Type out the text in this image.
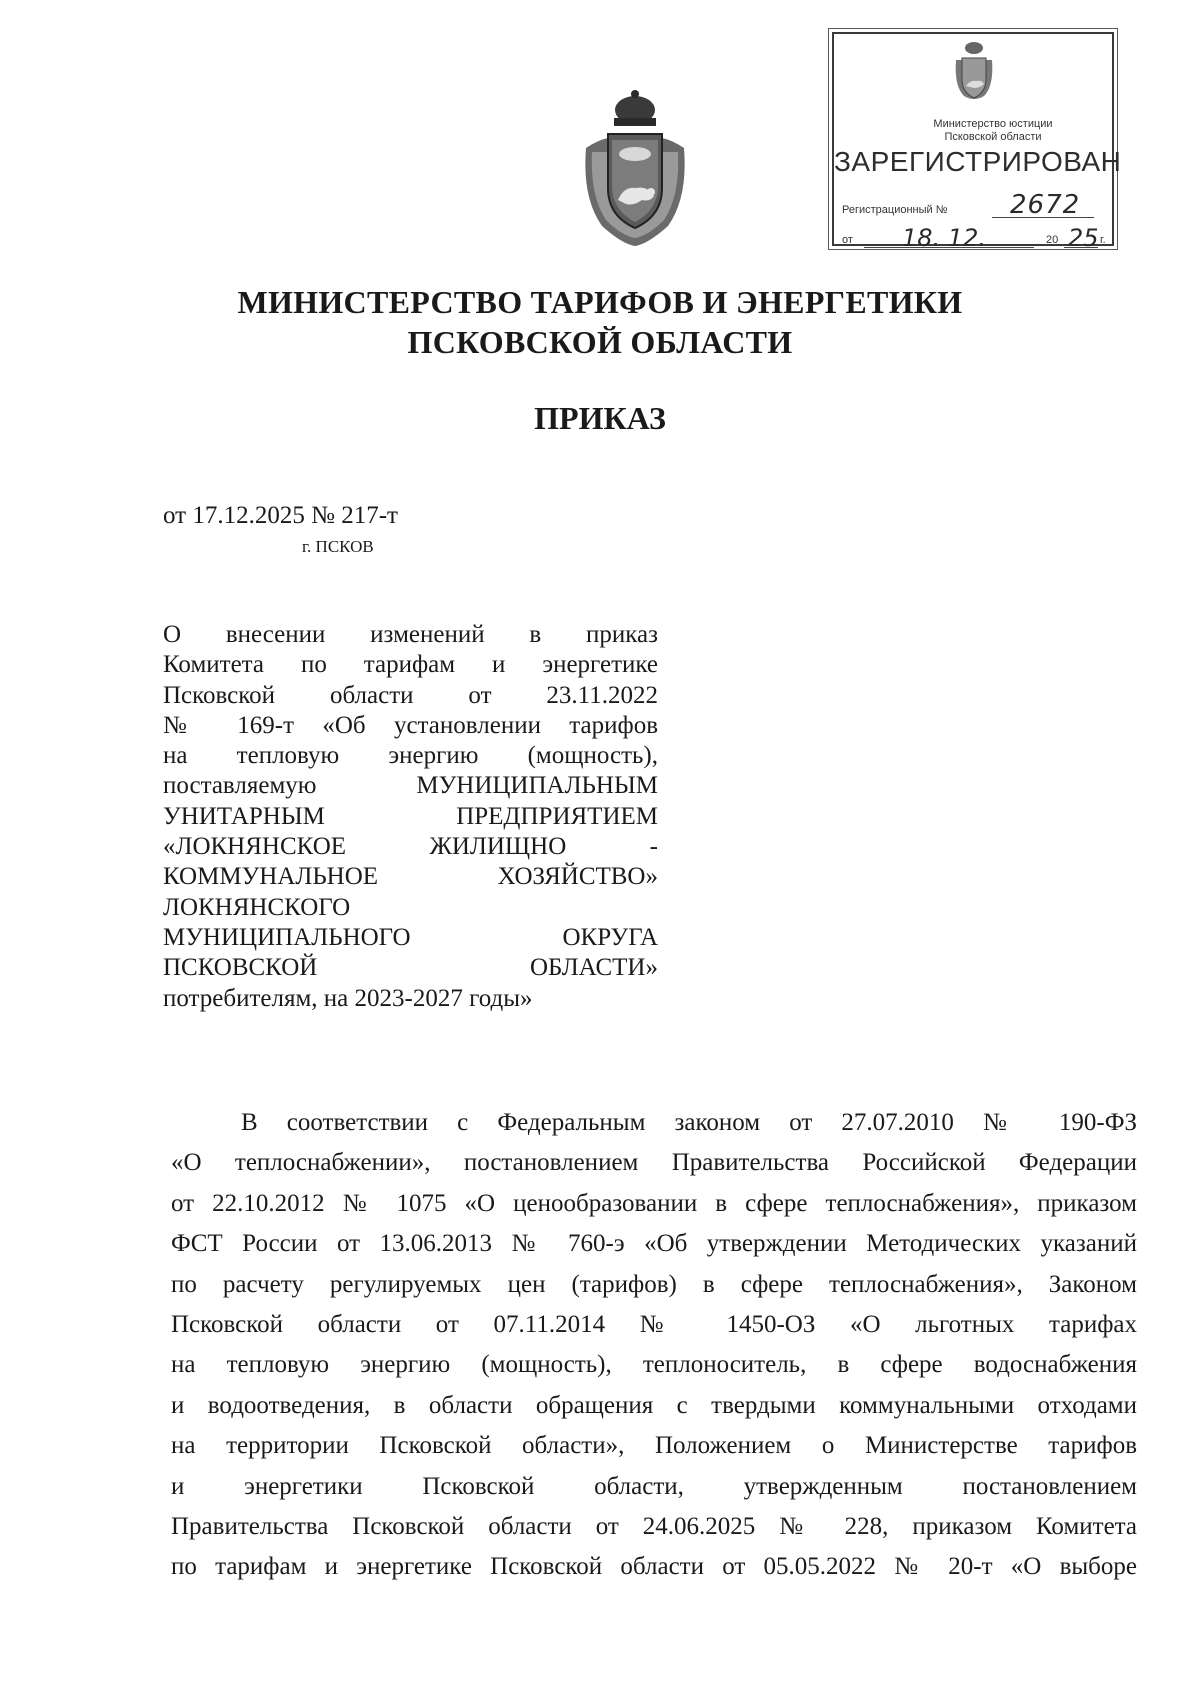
Министерство юстиции
Псковской области
ЗАРЕГИСТРИРОВАН
Регистрационный № 2672
от 18. 12.	20 25 г.
МИНИСТЕРСТВО ТАРИФОВ И ЭНЕРГЕТИКИ
ПСКОВСКОЙ ОБЛАСТИ
ПРИКАЗ
от 17.12.2025 № 217-т
г. ПСКОВ
О внесении изменений в приказ
Комитета по тарифам и энергетике
Псковской области от 23.11.2022
№ 169-т «Об установлении тарифов
на тепловую энергию (мощность),
поставляемую МУНИЦИПАЛЬНЫМ
УНИТАРНЫМ ПРЕДПРИЯТИЕМ
«ЛОКНЯНСКОЕ ЖИЛИЩНО -
КОММУНАЛЬНОЕ ХОЗЯЙСТВО»
ЛОКНЯНСКОГО
МУНИЦИПАЛЬНОГО ОКРУГА
ПСКОВСКОЙ ОБЛАСТИ»
потребителям, на 2023-2027 годы»
В соответствии с Федеральным законом от 27.07.2010 № 190-ФЗ
«О теплоснабжении», постановлением Правительства Российской Федерации
от 22.10.2012 № 1075 «О ценообразовании в сфере теплоснабжения», приказом
ФСТ России от 13.06.2013 № 760-э «Об утверждении Методических указаний
по расчету регулируемых цен (тарифов) в сфере теплоснабжения», Законом
Псковской области от 07.11.2014 № 1450-ОЗ «О льготных тарифах
на тепловую энергию (мощность), теплоноситель, в сфере водоснабжения
и водоотведения, в области обращения с твердыми коммунальными отходами
на территории Псковской области», Положением о Министерстве тарифов
и энергетики Псковской области, утвержденным постановлением
Правительства Псковской области от 24.06.2025 № 228, приказом Комитета
по тарифам и энергетике Псковской области от 05.05.2022 № 20-т «О выборе
